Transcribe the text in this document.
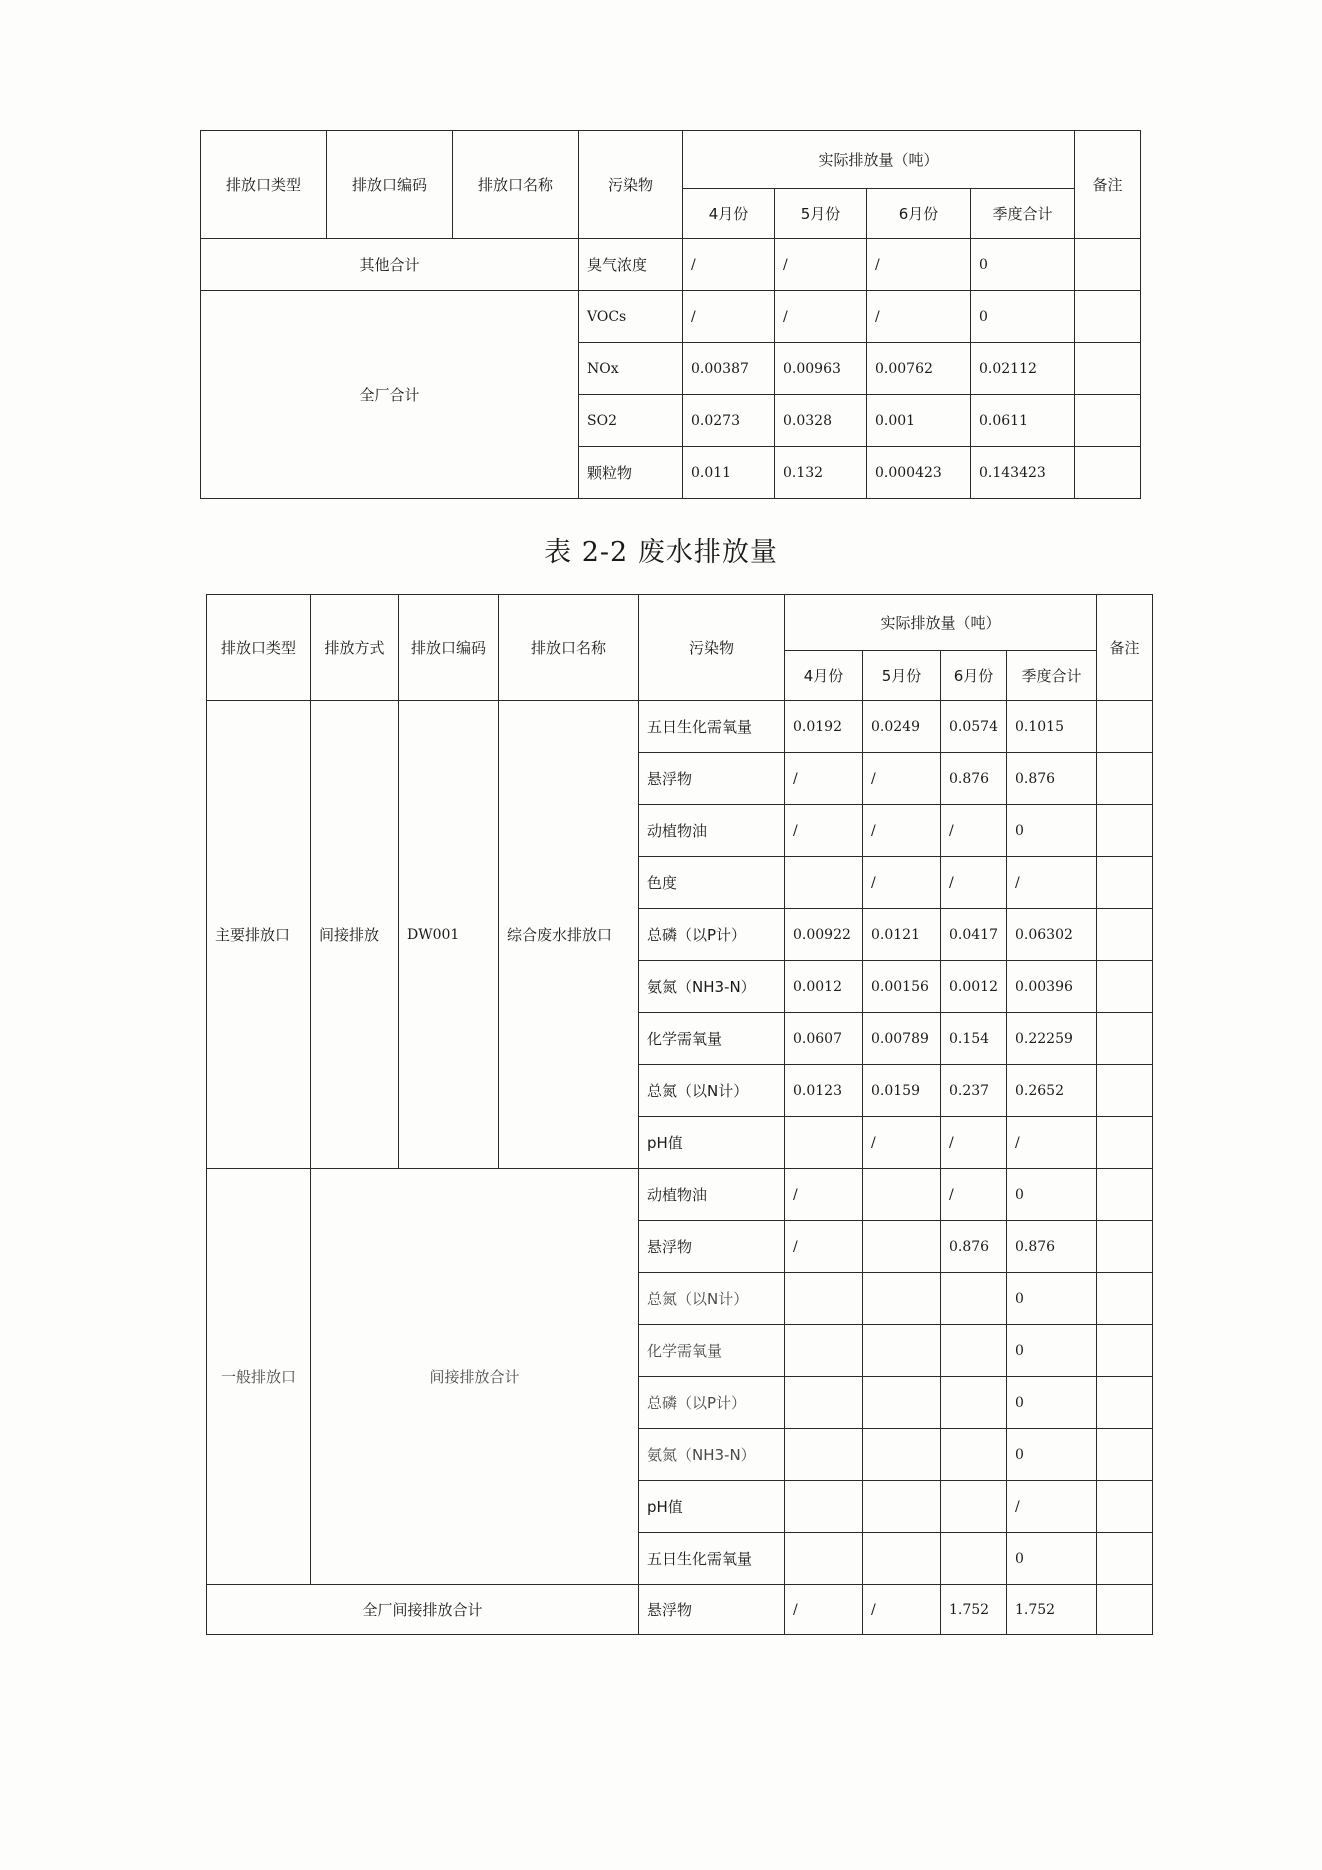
排放口类型	排放口编码	排放口名称	污染物	实际排放量（吨）				备注
				4月份	5月份	6月份	季度合计	
其他合计			臭气浓度	/	/	/	0	
全厂合计			VOCs	/	/	/	0	
			NOx	0.00387	0.00963	0.00762	0.02112	
			SO2	0.0273	0.0328	0.001	0.0611	
			颗粒物	0.011	0.132	0.000423	0.143423	
表 2-2 废水排放量
排放口类型	排放方式	排放口编码	排放口名称	污染物	实际排放量（吨）				备注
					4月份	5月份	6月份	季度合计	
主要排放口	间接排放	DW001	综合废水排放口	五日生化需氧量	0.0192	0.0249	0.0574	0.1015	
				悬浮物	/	/	0.876	0.876	
				动植物油	/	/	/	0	
				色度		/	/	/	
				总磷（以P计）	0.00922	0.0121	0.0417	0.06302	
				氨氮（NH3-N）	0.0012	0.00156	0.0012	0.00396	
				化学需氧量	0.0607	0.00789	0.154	0.22259	
				总氮（以N计）	0.0123	0.0159	0.237	0.2652	
				pH值		/	/	/	
一般排放口	间接排放合计			动植物油	/		/	0	
				悬浮物	/		0.876	0.876	
				总氮（以N计）				0	
				化学需氧量				0	
				总磷（以P计）				0	
				氨氮（NH3-N）				0	
				pH值				/	
				五日生化需氧量				0	
全厂间接排放合计				悬浮物	/	/	1.752	1.752	
